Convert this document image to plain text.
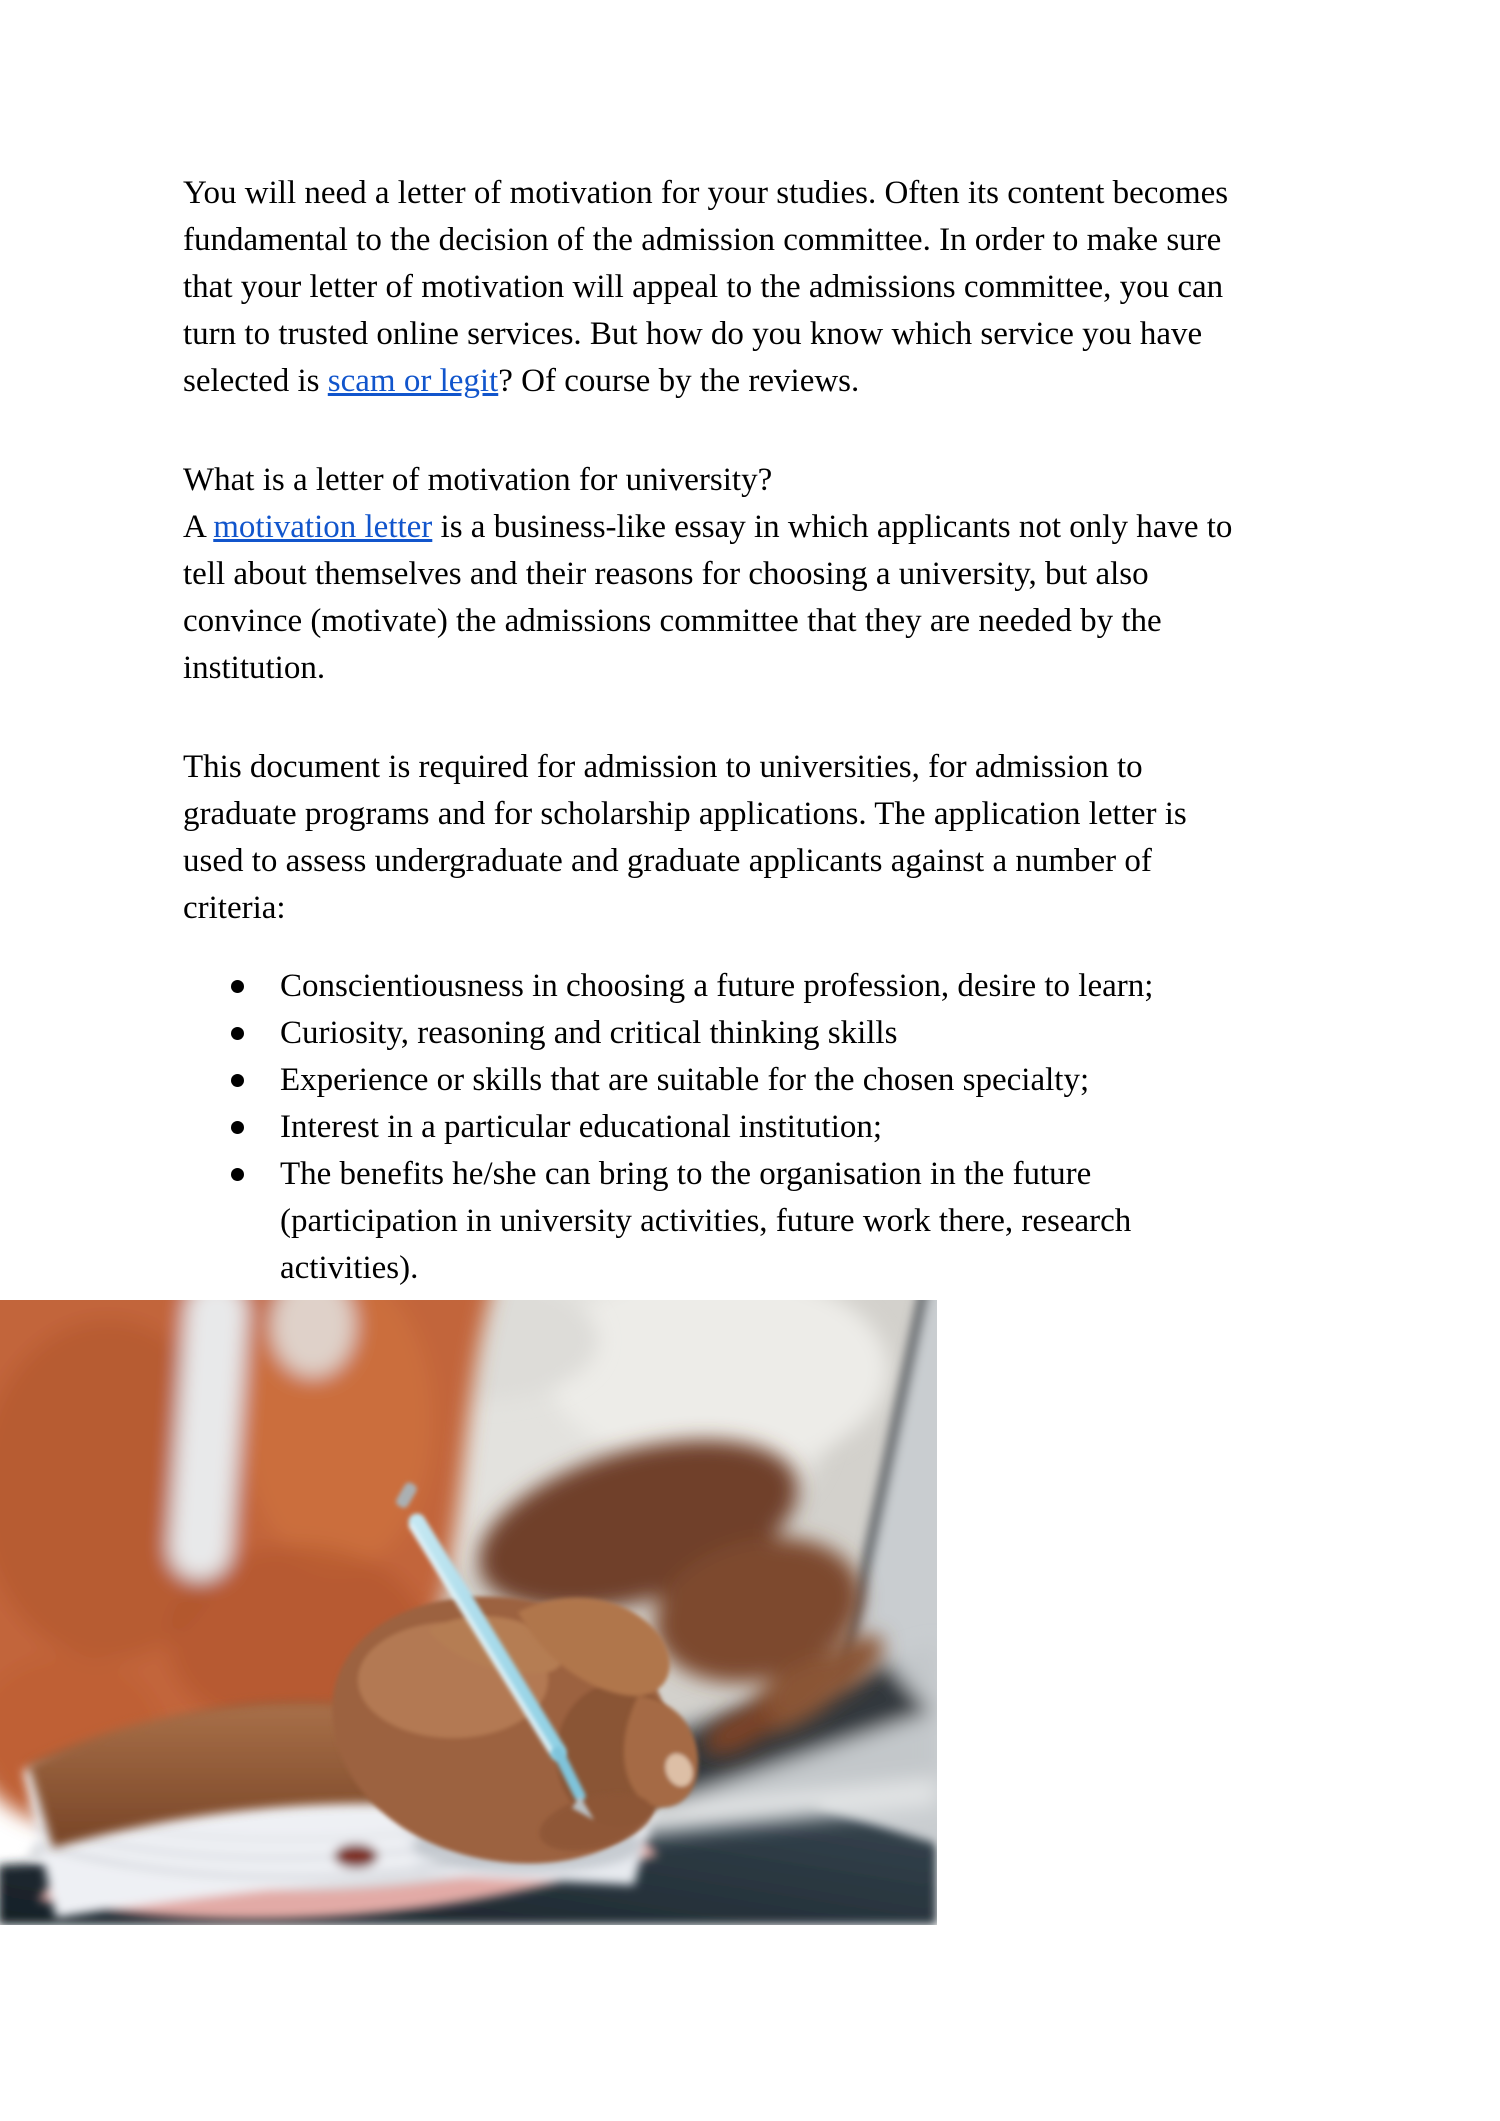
You will need a letter of motivation for your studies. Often its content becomes
fundamental to the decision of the admission committee. In order to make sure
that your letter of motivation will appeal to the admissions committee, you can
turn to trusted online services. But how do you know which service you have
selected is scam or legit? Of course by the reviews.
What is a letter of motivation for university?
A motivation letter is a business-like essay in which applicants not only have to
tell about themselves and their reasons for choosing a university, but also
convince (motivate) the admissions committee that they are needed by the
institution.
This document is required for admission to universities, for admission to
graduate programs and for scholarship applications. The application letter is
used to assess undergraduate and graduate applicants against a number of
criteria:
Conscientiousness in choosing a future profession, desire to learn;
Curiosity, reasoning and critical thinking skills
Experience or skills that are suitable for the chosen specialty;
Interest in a particular educational institution;
The benefits he/she can bring to the organisation in the future
(participation in university activities, future work there, research
activities).
